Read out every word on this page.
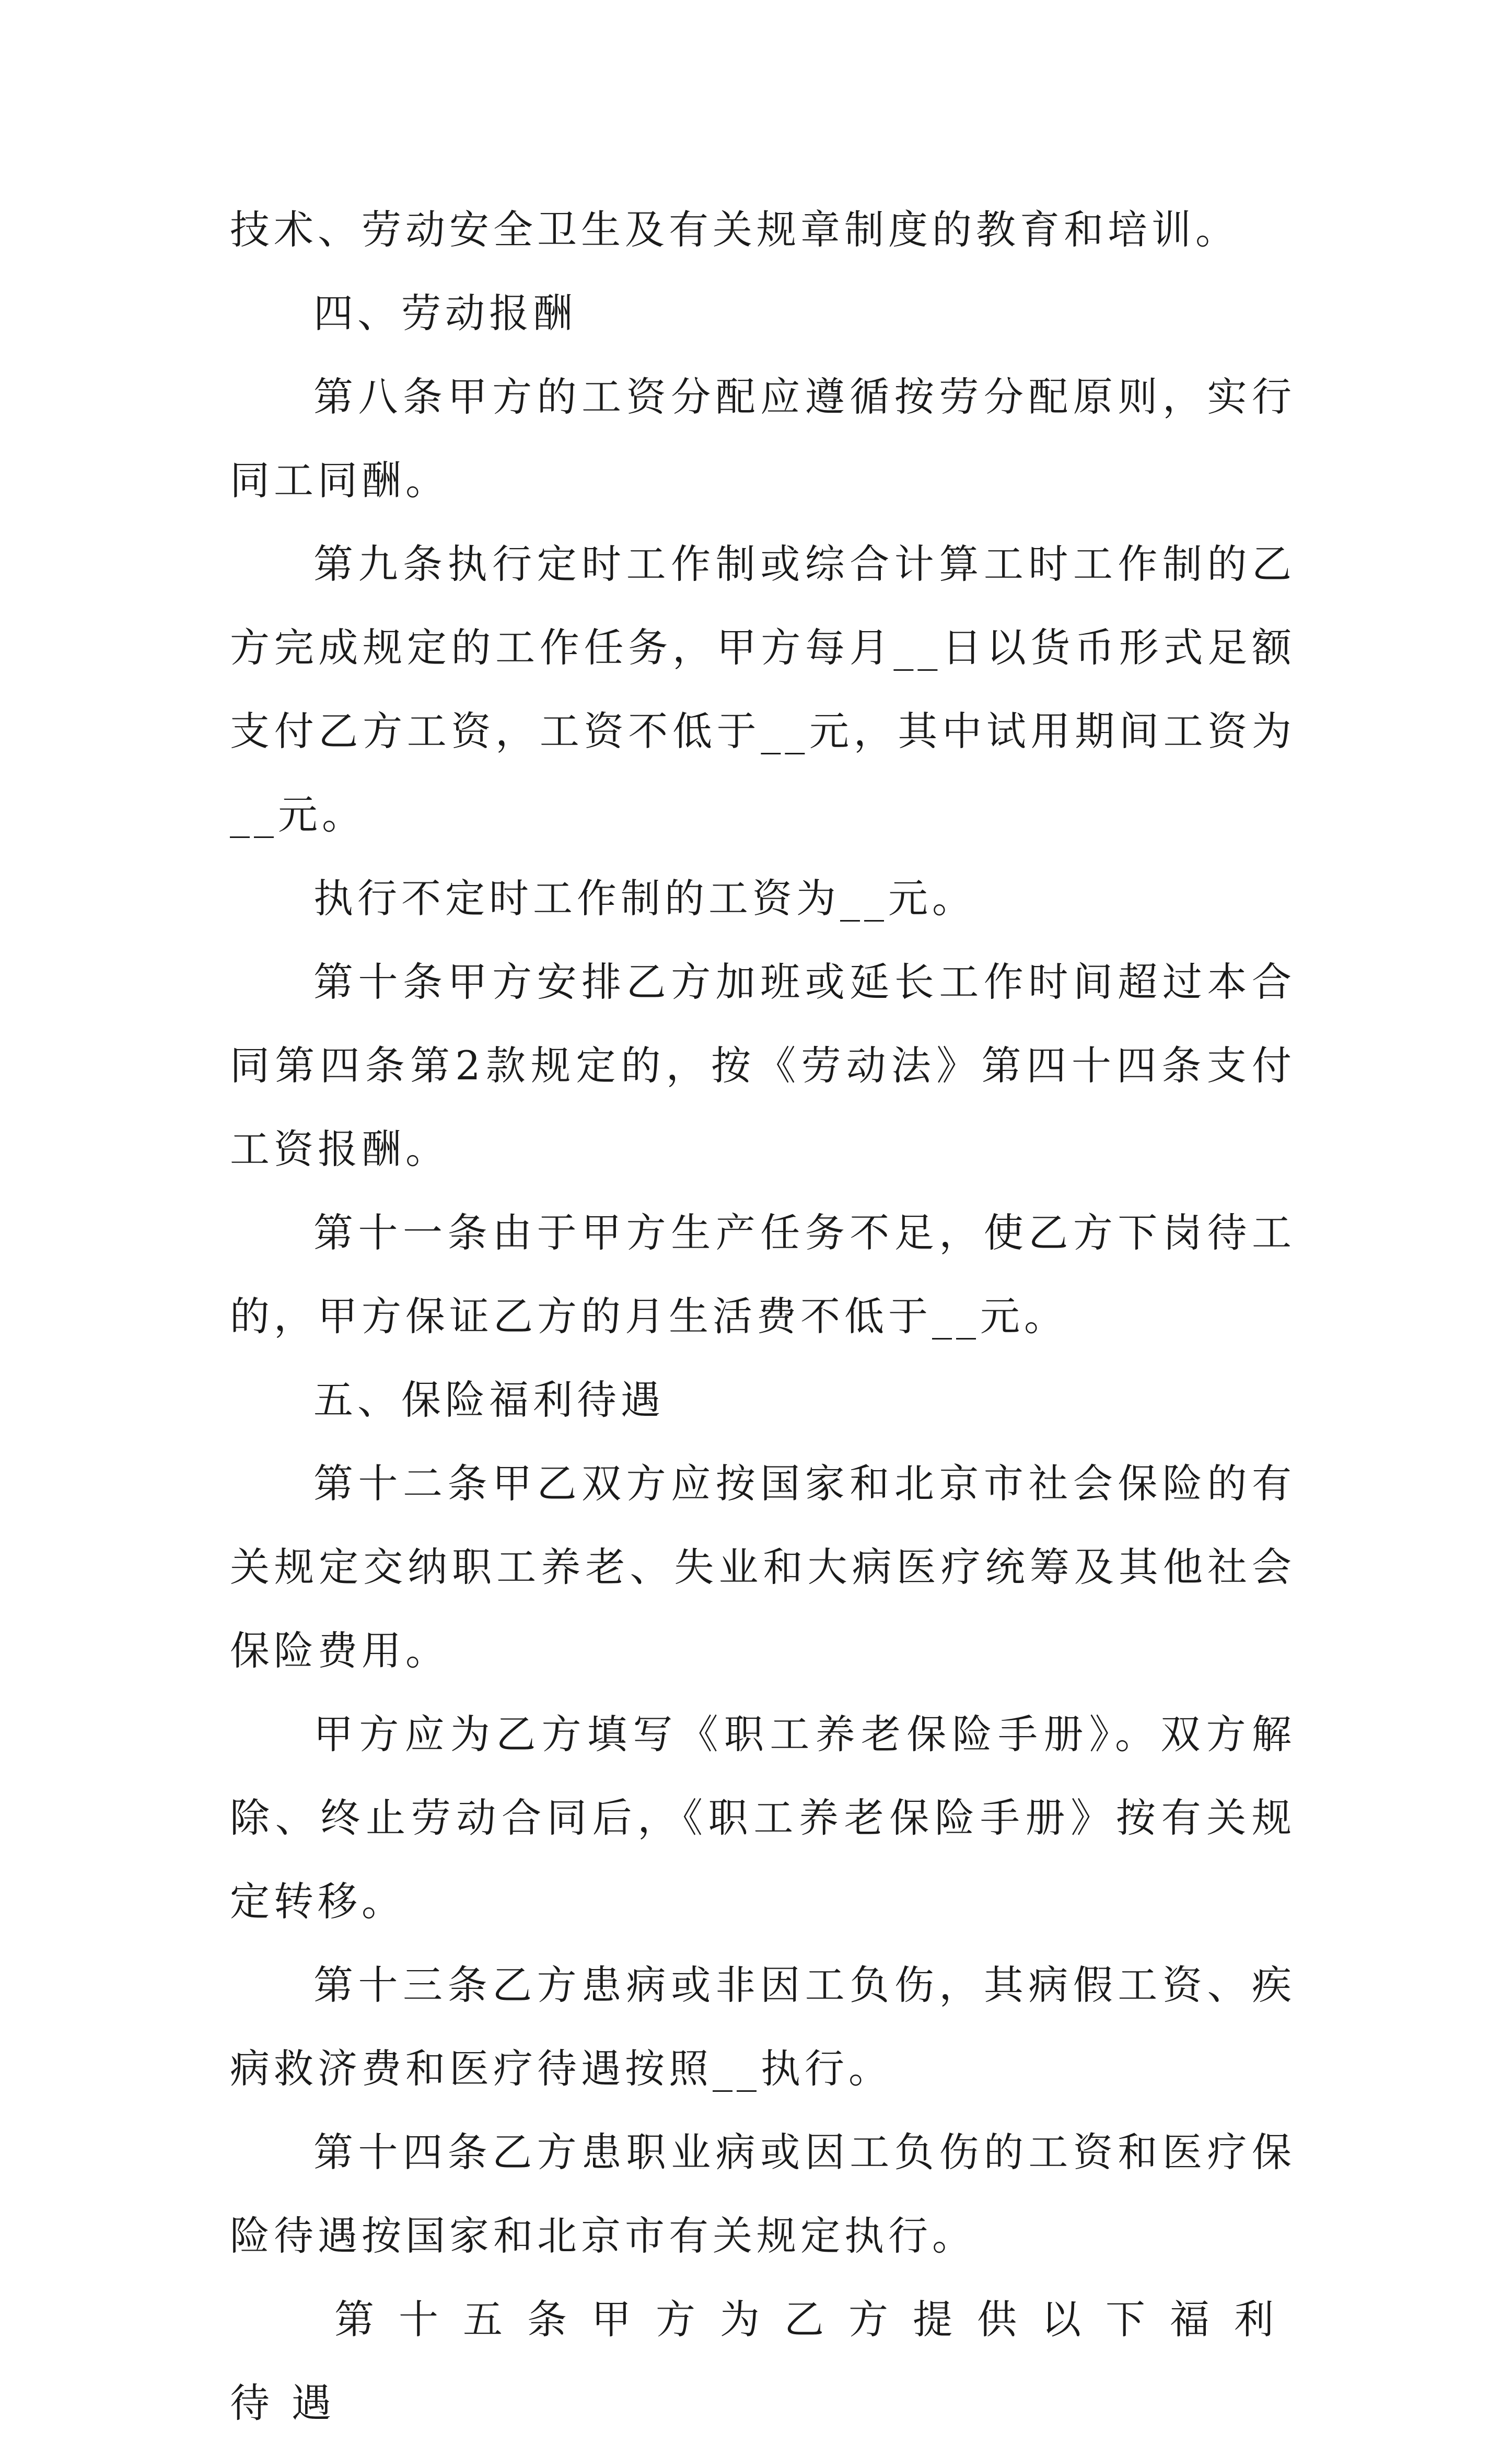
技术、劳动安全卫生及有关规章制度的教育和培训。

四、劳动报酬

第八条甲方的工资分配应遵循按劳分配原则，实行同工同酬。

第九条执行定时工作制或综合计算工时工作制的乙方完成规定的工作任务，甲方每月__日以货币形式足额支付乙方工资，工资不低于__元，其中试用期间工资为__元。

执行不定时工作制的工资为__元。

第十条甲方安排乙方加班或延长工作时间超过本合同第四条第2款规定的，按《劳动法》第四十四条支付工资报酬。

第十一条由于甲方生产任务不足，使乙方下岗待工的，甲方保证乙方的月生活费不低于__元。

五、保险福利待遇

第十二条甲乙双方应按国家和北京市社会保险的有关规定交纳职工养老、失业和大病医疗统筹及其他社会保险费用。

甲方应为乙方填写《职工养老保险手册》。双方解除、终止劳动合同后，《职工养老保险手册》按有关规定转移。

第十三条乙方患病或非因工负伤，其病假工资、疾病救济费和医疗待遇按照__执行。

第十四条乙方患职业病或因工负伤的工资和医疗保险待遇按国家和北京市有关规定执行。

第十五条甲方为乙方提供以下福利待遇
